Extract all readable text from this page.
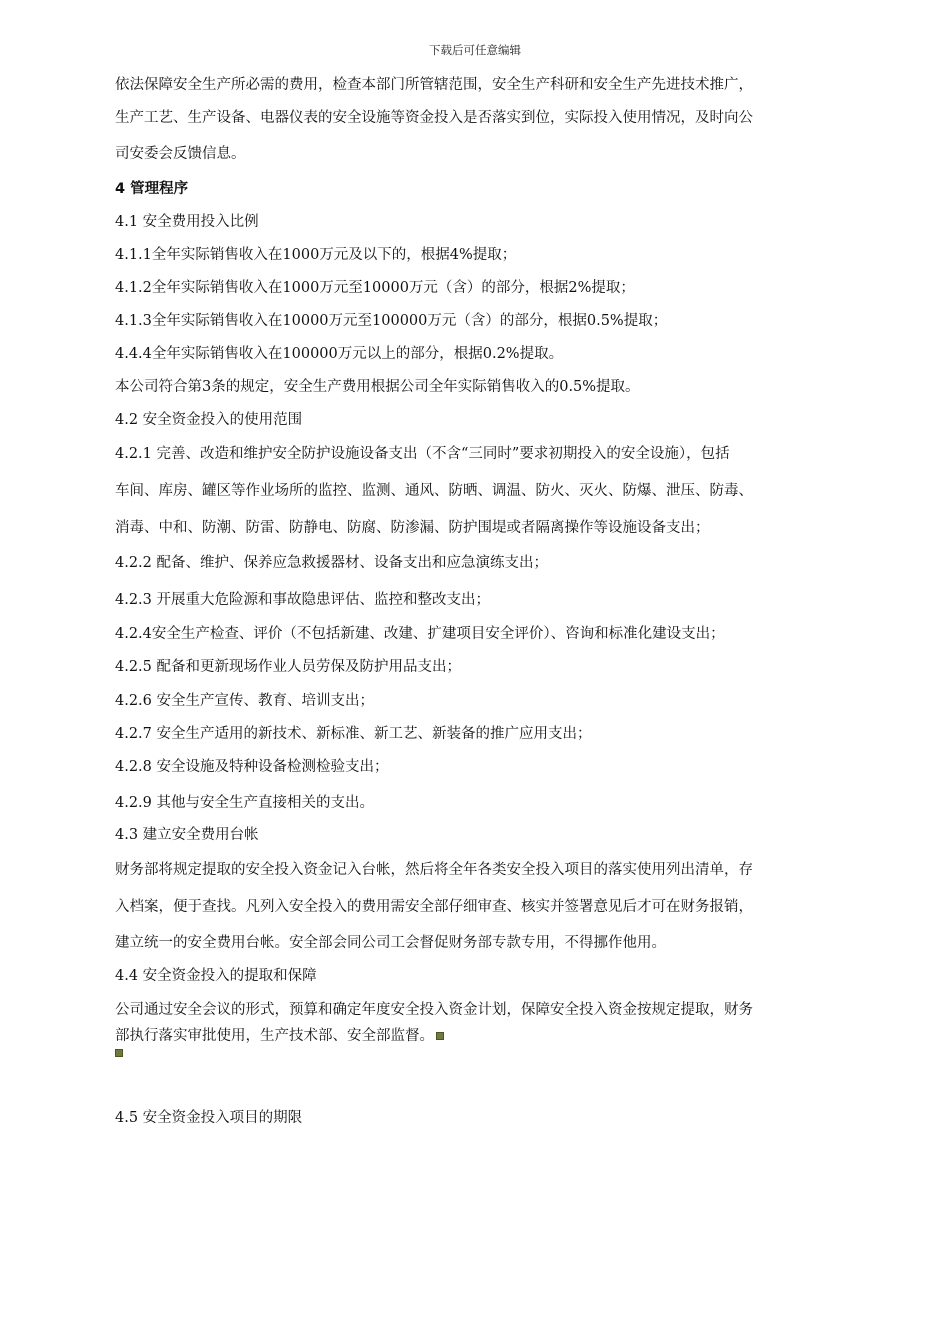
下载后可任意编辑
依法保障安全生产所必需的费用，检查本部门所管辖范围，安全生产科研和安全生产先进技术推广，
生产工艺、生产设备、电器仪表的安全设施等资金投入是否落实到位，实际投入使用情况，及时向公
司安委会反馈信息。
4 管理程序
4.1 安全费用投入比例
4.1.1全年实际销售收入在1000万元及以下的，根据4%提取；
4.1.2全年实际销售收入在1000万元至10000万元（含）的部分，根据2%提取；
4.1.3全年实际销售收入在10000万元至100000万元（含）的部分，根据0.5%提取；
4.4.4全年实际销售收入在100000万元以上的部分，根据0.2%提取。
本公司符合第3条的规定，安全生产费用根据公司全年实际销售收入的0.5%提取。
4.2 安全资金投入的使用范围
4.2.1 完善、改造和维护安全防护设施设备支出（不含“三同时”要求初期投入的安全设施），包括
车间、库房、罐区等作业场所的监控、监测、通风、防晒、调温、防火、灭火、防爆、泄压、防毒、
消毒、中和、防潮、防雷、防静电、防腐、防渗漏、防护围堤或者隔离操作等设施设备支出；
4.2.2 配备、维护、保养应急救援器材、设备支出和应急演练支出；
4.2.3 开展重大危险源和事故隐患评估、监控和整改支出；
4.2.4安全生产检查、评价（不包括新建、改建、扩建项目安全评价）、咨询和标准化建设支出；
4.2.5 配备和更新现场作业人员劳保及防护用品支出；
4.2.6 安全生产宣传、教育、培训支出；
4.2.7 安全生产适用的新技术、新标准、新工艺、新装备的推广应用支出；
4.2.8 安全设施及特种设备检测检验支出；
4.2.9 其他与安全生产直接相关的支出。
4.3 建立安全费用台帐
财务部将规定提取的安全投入资金记入台帐，然后将全年各类安全投入项目的落实使用列出清单，存
入档案，便于查找。凡列入安全投入的费用需安全部仔细审查、核实并签署意见后才可在财务报销，
建立统一的安全费用台帐。安全部会同公司工会督促财务部专款专用，不得挪作他用。
4.4 安全资金投入的提取和保障
公司通过安全会议的形式，预算和确定年度安全投入资金计划，保障安全投入资金按规定提取，财务
部执行落实审批使用，生产技术部、安全部监督。
4.5 安全资金投入项目的期限
